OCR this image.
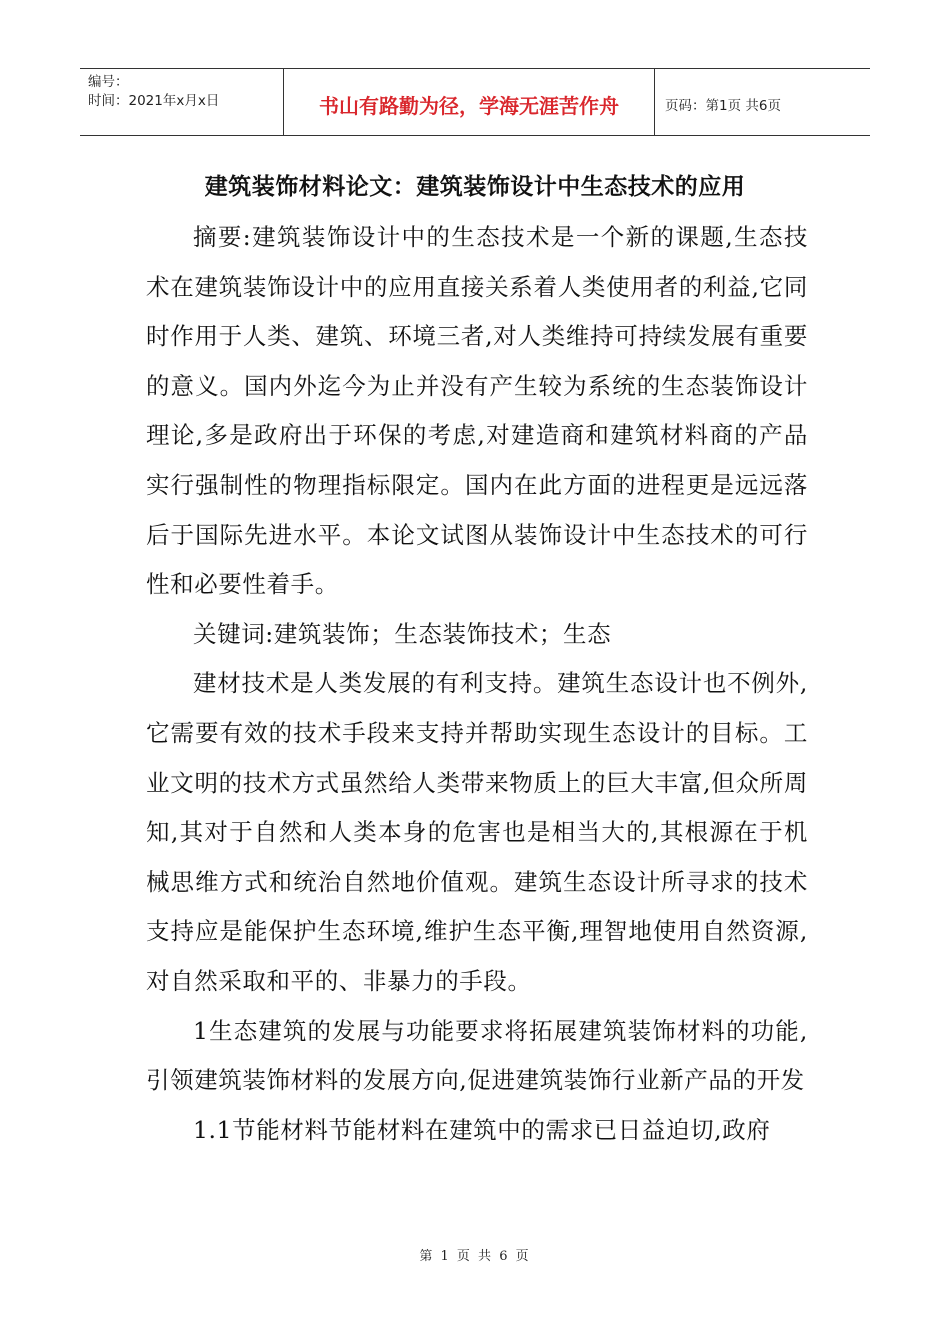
编号：
时间：2021年x月x日	书山有路勤为径，学海无涯苦作舟	页码：第1页 共6页
建筑装饰材料论文：建筑装饰设计中生态技术的应用

摘要:建筑装饰设计中的生态技术是一个新的课题,生态技术在建筑装饰设计中的应用直接关系着人类使用者的利益,它同时作用于人类、建筑、环境三者,对人类维持可持续发展有重要的意义。国内外迄今为止并没有产生较为系统的生态装饰设计理论,多是政府出于环保的考虑,对建造商和建筑材料商的产品实行强制性的物理指标限定。国内在此方面的进程更是远远落后于国际先进水平。本论文试图从装饰设计中生态技术的可行性和必要性着手。

关键词:建筑装饰；生态装饰技术；生态

建材技术是人类发展的有利支持。建筑生态设计也不例外,它需要有效的技术手段来支持并帮助实现生态设计的目标。工业文明的技术方式虽然给人类带来物质上的巨大丰富,但众所周知,其对于自然和人类本身的危害也是相当大的,其根源在于机械思维方式和统治自然地价值观。建筑生态设计所寻求的技术支持应是能保护生态环境,维护生态平衡,理智地使用自然资源,对自然采取和平的、非暴力的手段。

1生态建筑的发展与功能要求将拓展建筑装饰材料的功能,引领建筑装饰材料的发展方向,促进建筑装饰行业新产品的开发

1.1节能材料节能材料在建筑中的需求已日益迫切,政府

第 1 页 共 6 页
